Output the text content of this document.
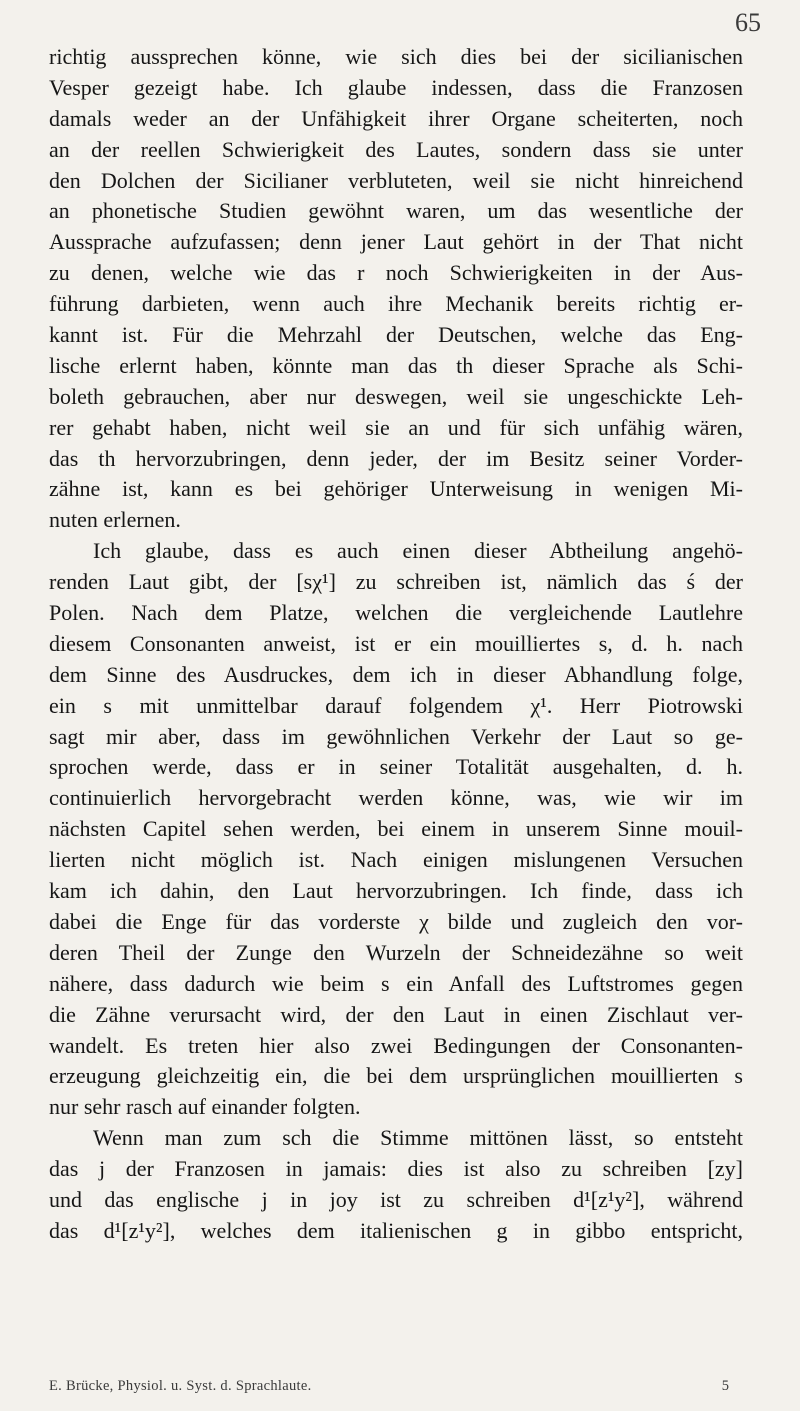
65
richtig aussprechen könne, wie sich dies bei der sicilianischen
Vesper gezeigt habe. Ich glaube indessen, dass die Franzosen
damals weder an der Unfähigkeit ihrer Organe scheiterten, noch
an der reellen Schwierigkeit des Lautes, sondern dass sie unter
den Dolchen der Sicilianer verbluteten, weil sie nicht hinreichend
an phonetische Studien gewöhnt waren, um das wesentliche der
Aussprache aufzufassen; denn jener Laut gehört in der That nicht
zu denen, welche wie das r noch Schwierigkeiten in der Aus-
führung darbieten, wenn auch ihre Mechanik bereits richtig er-
kannt ist. Für die Mehrzahl der Deutschen, welche das Eng-
lische erlernt haben, könnte man das th dieser Sprache als Schi-
boleth gebrauchen, aber nur deswegen, weil sie ungeschickte Leh-
rer gehabt haben, nicht weil sie an und für sich unfähig wären,
das th hervorzubringen, denn jeder, der im Besitz seiner Vorder-
zähne ist, kann es bei gehöriger Unterweisung in wenigen Mi-
nuten erlernen.
Ich glaube, dass es auch einen dieser Abtheilung angehö-
renden Laut gibt, der [sχ¹] zu schreiben ist, nämlich das ś der
Polen. Nach dem Platze, welchen die vergleichende Lautlehre
diesem Consonanten anweist, ist er ein mouilliertes s, d. h. nach
dem Sinne des Ausdruckes, dem ich in dieser Abhandlung folge,
ein s mit unmittelbar darauf folgendem χ¹. Herr Piotrowski
sagt mir aber, dass im gewöhnlichen Verkehr der Laut so ge-
sprochen werde, dass er in seiner Totalität ausgehalten, d. h.
continuierlich hervorgebracht werden könne, was, wie wir im
nächsten Capitel sehen werden, bei einem in unserem Sinne mouil-
lierten nicht möglich ist. Nach einigen mislungenen Versuchen
kam ich dahin, den Laut hervorzubringen. Ich finde, dass ich
dabei die Enge für das vorderste χ bilde und zugleich den vor-
deren Theil der Zunge den Wurzeln der Schneidezähne so weit
nähere, dass dadurch wie beim s ein Anfall des Luftstromes gegen
die Zähne verursacht wird, der den Laut in einen Zischlaut ver-
wandelt. Es treten hier also zwei Bedingungen der Consonanten-
erzeugung gleichzeitig ein, die bei dem ursprünglichen mouillierten s
nur sehr rasch auf einander folgten.
Wenn man zum sch die Stimme mittönen lässt, so entsteht
das j der Franzosen in jamais: dies ist also zu schreiben [zy]
und das englische j in joy ist zu schreiben d¹[z¹y²], während
das d¹[z¹y²], welches dem italienischen g in gibbo entspricht,
E. Brücke, Physiol. u. Syst. d. Sprachlaute.	5
